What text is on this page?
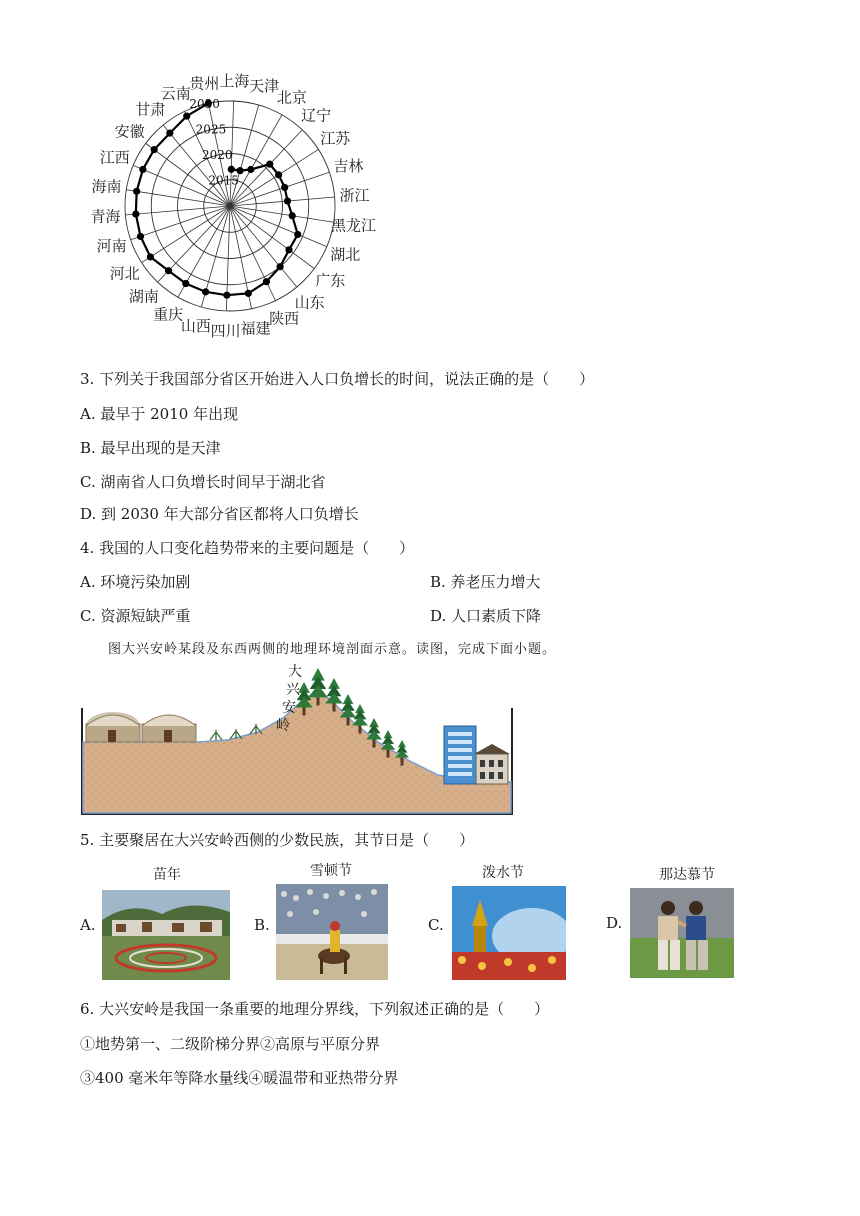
上海 天津
北京
辽宁
江苏
吉林
浙江
黑龙江
湖北
广东
山东
陕西
福建
四川
山西
重庆
湖南
河北
河南
青海
海南
江西
安徽
甘肃
云南
贵州
2015
2020
2025
2030
3. 下列关于我国部分省区开始进入人口负增长的时间，说法正确的是（　　）
A. 最早于 2010 年出现
B. 最早出现的是天津
C. 湖南省人口负增长时间早于湖北省
D. 到 2030 年大部分省区都将人口负增长
4. 我国的人口变化趋势带来的主要问题是（　　）
A. 环境污染加剧	B. 养老压力增大
C. 资源短缺严重	D. 人口素质下降
图大兴安岭某段及东西两侧的地理环境剖面示意。读图，完成下面小题。
大
兴
安
岭
5. 主要聚居在大兴安岭西侧的少数民族，其节日是（　　）
苗年
A.
雪顿节
B.
泼水节
C.
那达慕节
D.
6. 大兴安岭是我国一条重要的地理分界线，下列叙述正确的是（　　）
①地势第一、二级阶梯分界②高原与平原分界
③400 毫米年等降水量线④暖温带和亚热带分界
